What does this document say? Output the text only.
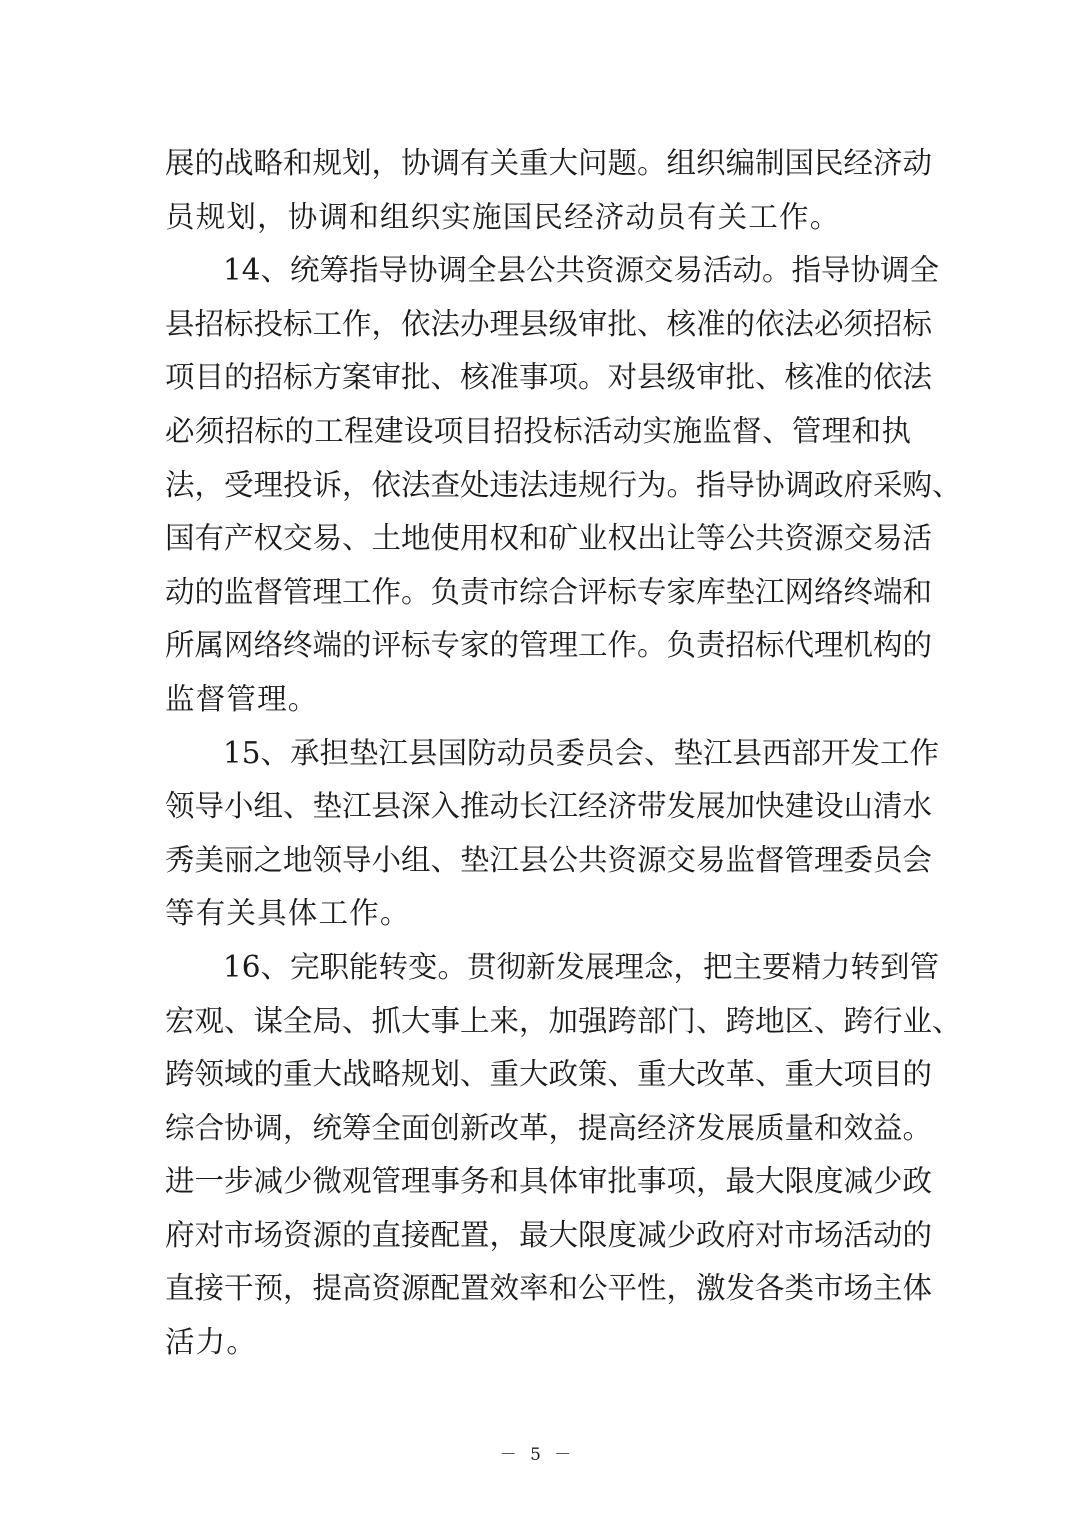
展的战略和规划，协调有关重大问题。组织编制国民经济动
员规划，协调和组织实施国民经济动员有关工作。
14、统筹指导协调全县公共资源交易活动。指导协调全
县招标投标工作，依法办理县级审批、核准的依法必须招标
项目的招标方案审批、核准事项。对县级审批、核准的依法
必须招标的工程建设项目招投标活动实施监督、管理和执
法，受理投诉，依法查处违法违规行为。指导协调政府采购、
国有产权交易、土地使用权和矿业权出让等公共资源交易活
动的监督管理工作。负责市综合评标专家库垫江网络终端和
所属网络终端的评标专家的管理工作。负责招标代理机构的
监督管理。
15、承担垫江县国防动员委员会、垫江县西部开发工作
领导小组、垫江县深入推动长江经济带发展加快建设山清水
秀美丽之地领导小组、垫江县公共资源交易监督管理委员会
等有关具体工作。
16、完职能转变。贯彻新发展理念，把主要精力转到管
宏观、谋全局、抓大事上来，加强跨部门、跨地区、跨行业、
跨领域的重大战略规划、重大政策、重大改革、重大项目的
综合协调，统筹全面创新改革，提高经济发展质量和效益。
进一步减少微观管理事务和具体审批事项，最大限度减少政
府对市场资源的直接配置，最大限度减少政府对市场活动的
直接干预，提高资源配置效率和公平性，激发各类市场主体
活力。
－ 5 －
